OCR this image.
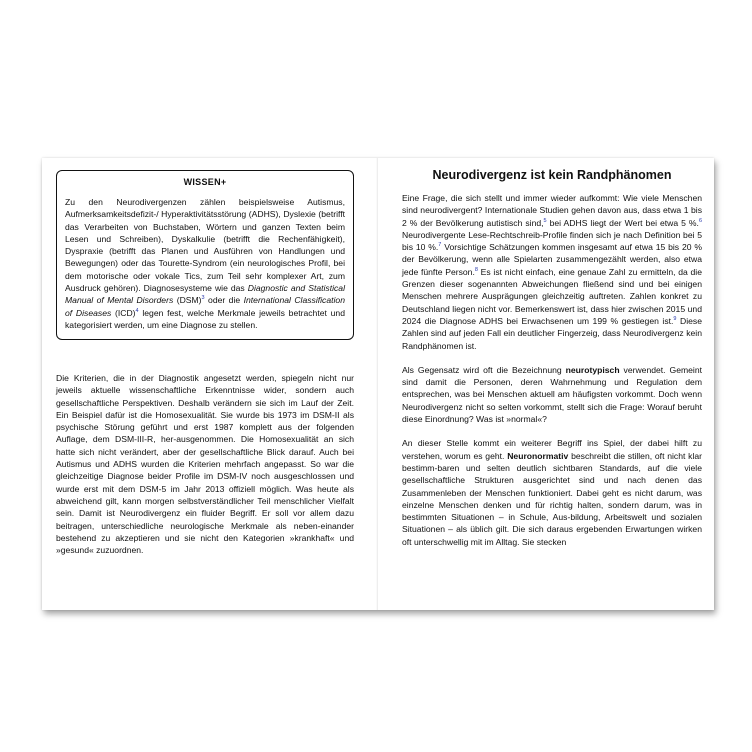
WISSEN+
Zu den Neurodivergenzen zählen beispielsweise Autismus, Aufmerksamkeitsdefizit-/ Hyperaktivitätsstörung (ADHS), Dyslexie (betrifft das Verarbeiten von Buchstaben, Wörtern und ganzen Texten beim Lesen und Schreiben), Dyskalkulie (betrifft die Rechenfähigkeit), Dyspraxie (betrifft das Planen und Ausführen von Handlungen und Bewegungen) oder das Tourette-Syndrom (ein neurologisches Profil, bei dem motorische oder vokale Tics, zum Teil sehr komplexer Art, zum Ausdruck gehören). Diagnosesysteme wie das Diagnostic and Statistical Manual of Mental Disorders (DSM)$^3$ oder die International Classification of Diseases (ICD)$^4$ legen fest, welche Merkmale jeweils betrachtet und kategorisiert werden, um eine Diagnose zu stellen.
Die Kriterien, die in der Diagnostik angesetzt werden, spiegeln nicht nur jeweils aktuelle wissenschaftliche Erkenntnisse wider, sondern auch gesellschaftliche Perspektiven. Deshalb verändern sie sich im Lauf der Zeit. Ein Beispiel dafür ist die Homosexualität. Sie wurde bis 1973 im DSM-II als psychische Störung geführt und erst 1987 komplett aus der folgenden Auflage, dem DSM-III-R, her-ausgenommen. Die Homosexualität an sich hatte sich nicht verändert, aber der gesellschaftliche Blick darauf. Auch bei Autismus und ADHS wurden die Kriterien mehrfach angepasst. So war die gleichzeitige Diagnose beider Profile im DSM-IV noch ausgeschlossen und wurde erst mit dem DSM-5 im Jahr 2013 offiziell möglich. Was heute als abweichend gilt, kann morgen selbstverständlicher Teil menschlicher Vielfalt sein. Damit ist Neurodivergenz ein fluider Begriff. Er soll vor allem dazu beitragen, unterschiedliche neurologische Merkmale als neben-einander bestehend zu akzeptieren und sie nicht den Kategorien »krankhaft« und »gesund« zuzuordnen.
Neurodivergenz ist kein Randphänomen

Eine Frage, die sich stellt und immer wieder aufkommt: Wie viele Menschen sind neurodivergent? Internationale Studien gehen davon aus, dass etwa 1 bis 2 % der Bevölkerung autistisch sind,$^5$ bei ADHS liegt der Wert bei etwa 5 %.$^6$ Neurodivergente Lese-Rechtschreib-Profile finden sich je nach Definition bei 5 bis 10 %.$^7$ Vorsichtige Schätzungen kommen insgesamt auf etwa 15 bis 20 % der Bevölkerung, wenn alle Spielarten zusammengezählt werden, also etwa jede fünfte Person.$^8$ Es ist nicht einfach, eine genaue Zahl zu ermitteln, da die Grenzen dieser sogenannten Abweichungen fließend sind und bei einigen Menschen mehrere Ausprägungen gleichzeitig auftreten. Zahlen konkret zu Deutschland liegen nicht vor. Bemerkenswert ist, dass hier zwischen 2015 und 2024 die Diagnose ADHS bei Erwachsenen um 199 % gestiegen ist.$^9$ Diese Zahlen sind auf jeden Fall ein deutlicher Fingerzeig, dass Neurodivergenz kein Randphänomen ist.

Als Gegensatz wird oft die Bezeichnung neurotypisch verwendet. Gemeint sind damit die Personen, deren Wahrnehmung und Regulation dem entsprechen, was bei Menschen aktuell am häufigsten vorkommt. Doch wenn Neurodivergenz nicht so selten vorkommt, stellt sich die Frage: Worauf beruht diese Einordnung? Was ist »normal«?

An dieser Stelle kommt ein weiterer Begriff ins Spiel, der dabei hilft zu verstehen, worum es geht. Neuronormativ beschreibt die stillen, oft nicht klar bestimm-baren und selten deutlich sichtbaren Standards, auf die viele gesellschaftliche Strukturen ausgerichtet sind und nach denen das Zusammenleben der Menschen funktioniert. Dabei geht es nicht darum, was einzelne Menschen denken und für richtig halten, sondern darum, was in bestimmten Situationen – in Schule, Aus-bildung, Arbeitswelt und sozialen Situationen – als üblich gilt. Die sich daraus ergebenden Erwartungen wirken oft unterschwellig mit im Alltag. Sie stecken
